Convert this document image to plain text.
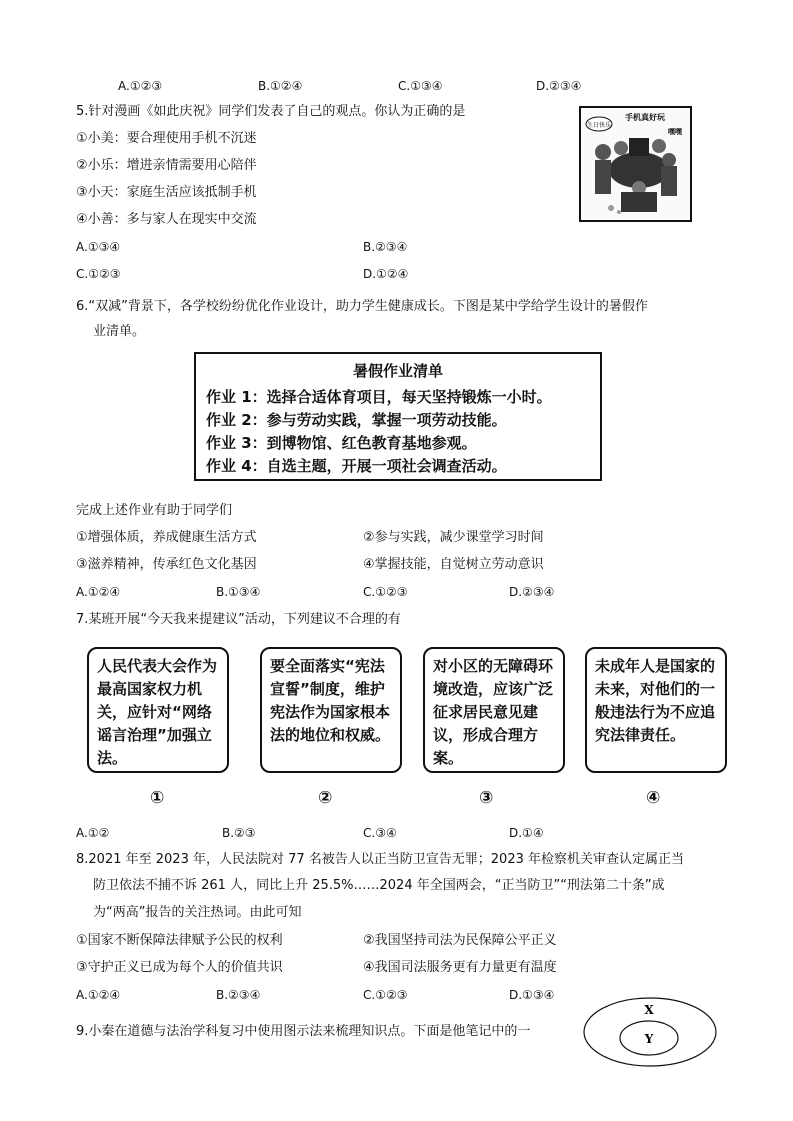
A.①②③	B.①②④	C.①③④	D.②③④
5.针对漫画《如此庆祝》同学们发表了自己的观点。你认为正确的是
①小美：要合理使用手机不沉迷
②小乐：增进亲情需要用心陪伴
③小天：家庭生活应该抵制手机
④小善：多与家人在现实中交流
A.①③④	B.②③④
C.①②③	D.①②④
生日快乐
手机真好玩
嘿嘿
6.“双减”背景下，各学校纷纷优化作业设计，助力学生健康成长。下图是某中学给学生设计的暑假作
业清单。
暑假作业清单
作业 1：选择合适体育项目，每天坚持锻炼一小时。
作业 2：参与劳动实践，掌握一项劳动技能。
作业 3：到博物馆、红色教育基地参观。
作业 4：自选主题，开展一项社会调查活动。
完成上述作业有助于同学们
①增强体质，养成健康生活方式	②参与实践，减少课堂学习时间
③滋养精神，传承红色文化基因	④掌握技能，自觉树立劳动意识
A.①②④	B.①③④	C.①②③	D.②③④
7.某班开展“今天我来提建议”活动，下列建议不合理的有
人民代表大会作为最高国家权力机关，应针对“网络谣言治理”加强立法。
要全面落实“宪法宣誓”制度，维护宪法作为国家根本法的地位和权威。
对小区的无障碍环境改造，应该广泛征求居民意见建议，形成合理方案。
未成年人是国家的未来，对他们的一般违法行为不应追究法律责任。
①	②	③	④
A.①②	B.②③	C.③④	D.①④
8.2021 年至 2023 年，人民法院对 77 名被告人以正当防卫宣告无罪；2023 年检察机关审查认定属正当
防卫依法不捕不诉 261 人，同比上升 25.5%……2024 年全国两会，“正当防卫”“刑法第二十条”成
为“两高”报告的关注热词。由此可知
①国家不断保障法律赋予公民的权利	②我国坚持司法为民保障公平正义
③守护正义已成为每个人的价值共识	④我国司法服务更有力量更有温度
A.①②④	B.②③④	C.①②③	D.①③④
9.小秦在道德与法治学科复习中使用图示法来梳理知识点。下面是他笔记中的一
X
Y
